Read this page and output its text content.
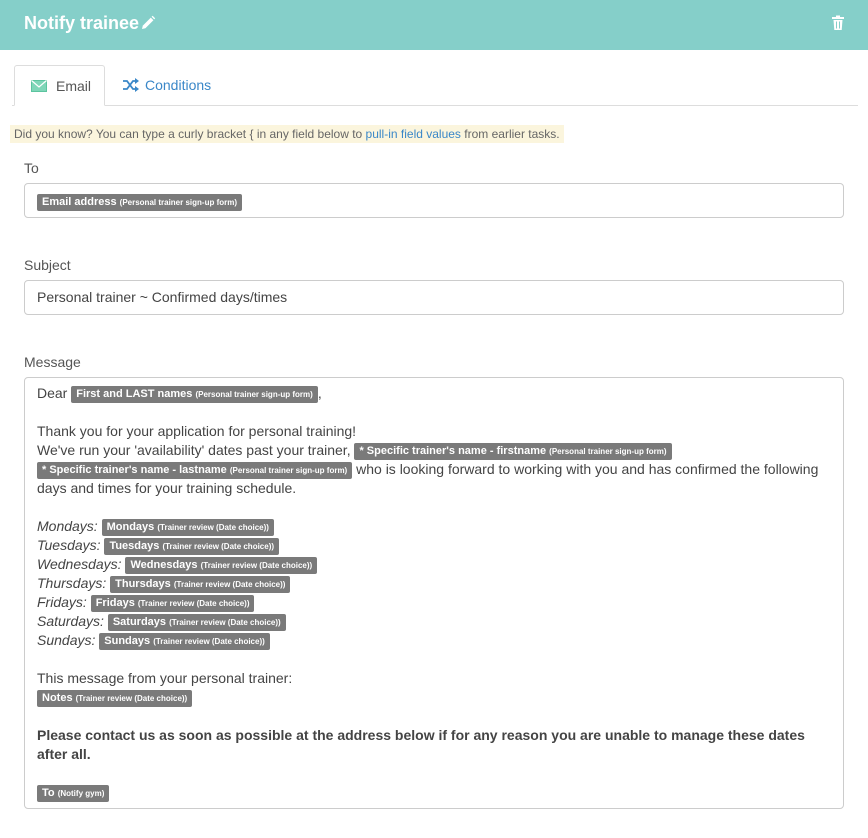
Notify trainee
Email	Conditions
Did you know? You can type a curly bracket { in any field below to pull-in field values from earlier tasks.
To
Email address (Personal trainer sign-up form)
Subject
Personal trainer ~ Confirmed days/times
Message

Dear First and LAST names (Personal trainer sign-up form) ,

Thank you for your application for personal training!

We've run your 'availability' dates past your trainer, * Specific trainer's name - firstname (Personal trainer sign-up form)

* Specific trainer's name - lastname (Personal trainer sign-up form) who is looking forward to working with you and has confirmed the following days and times for your training schedule.

Mondays: Mondays (Trainer review (Date choice))

Tuesdays: Tuesdays (Trainer review (Date choice))

Wednesdays: Wednesdays (Trainer review (Date choice))

Thursdays: Thursdays (Trainer review (Date choice))

Fridays: Fridays (Trainer review (Date choice))

Saturdays: Saturdays (Trainer review (Date choice))

Sundays: Sundays (Trainer review (Date choice))

This message from your personal trainer:

Notes (Trainer review (Date choice))

Please contact us as soon as possible at the address below if for any reason you are unable to manage these dates after all.

To (Notify gym)
